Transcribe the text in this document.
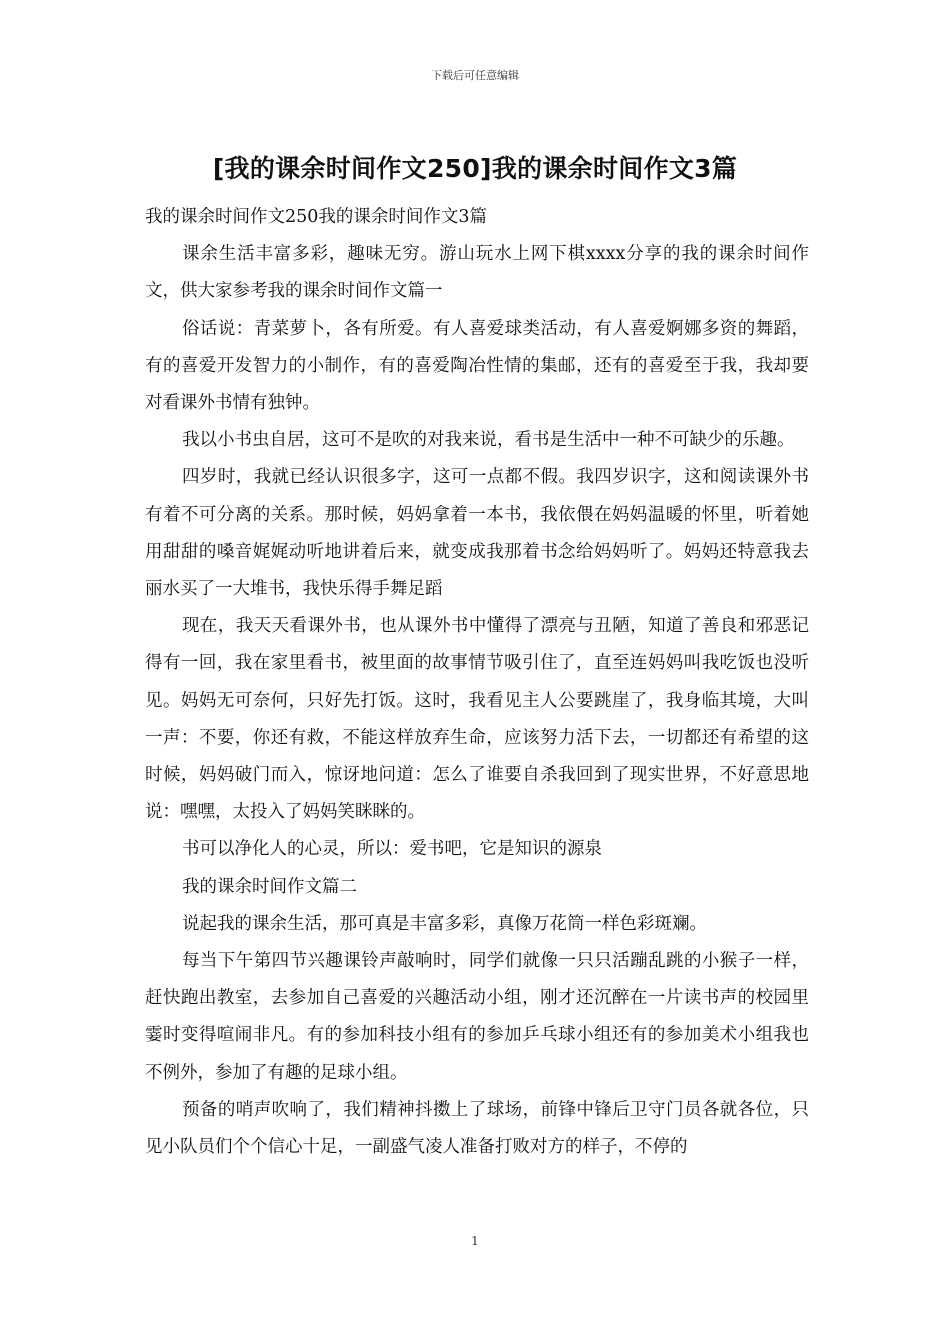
下载后可任意编辑
[我的课余时间作文250]我的课余时间作文3篇

我的课余时间作文250我的课余时间作文3篇

课余生活丰富多彩，趣味无穷。游山玩水上网下棋xxxx分享的我的课余时间作文，供大家参考我的课余时间作文篇一

俗话说：青菜萝卜，各有所爱。有人喜爱球类活动，有人喜爱婀娜多资的舞蹈，有的喜爱开发智力的小制作，有的喜爱陶冶性情的集邮，还有的喜爱至于我，我却要对看课外书情有独钟。

我以小书虫自居，这可不是吹的对我来说，看书是生活中一种不可缺少的乐趣。

四岁时，我就已经认识很多字，这可一点都不假。我四岁识字，这和阅读课外书有着不可分离的关系。那时候，妈妈拿着一本书，我依偎在妈妈温暖的怀里，听着她用甜甜的嗓音娓娓动听地讲着后来，就变成我那着书念给妈妈听了。妈妈还特意我去丽水买了一大堆书，我快乐得手舞足蹈

现在，我天天看课外书，也从课外书中懂得了漂亮与丑陋，知道了善良和邪恶记得有一回，我在家里看书，被里面的故事情节吸引住了，直至连妈妈叫我吃饭也没听见。妈妈无可奈何，只好先打饭。这时，我看见主人公要跳崖了，我身临其境，大叫一声：不要，你还有救，不能这样放弃生命，应该努力活下去，一切都还有希望的这时候，妈妈破门而入，惊讶地问道：怎么了谁要自杀我回到了现实世界，不好意思地说：嘿嘿，太投入了妈妈笑眯眯的。

书可以净化人的心灵，所以：爱书吧，它是知识的源泉

我的课余时间作文篇二

说起我的课余生活，那可真是丰富多彩，真像万花筒一样色彩斑斓。

每当下午第四节兴趣课铃声敲响时，同学们就像一只只活蹦乱跳的小猴子一样，赶快跑出教室，去参加自己喜爱的兴趣活动小组，刚才还沉醉在一片读书声的校园里霎时变得喧闹非凡。有的参加科技小组有的参加乒乓球小组还有的参加美术小组我也不例外，参加了有趣的足球小组。

预备的哨声吹响了，我们精神抖擞上了球场，前锋中锋后卫守门员各就各位，只见小队员们个个信心十足，一副盛气凌人准备打败对方的样子，不停的

1
